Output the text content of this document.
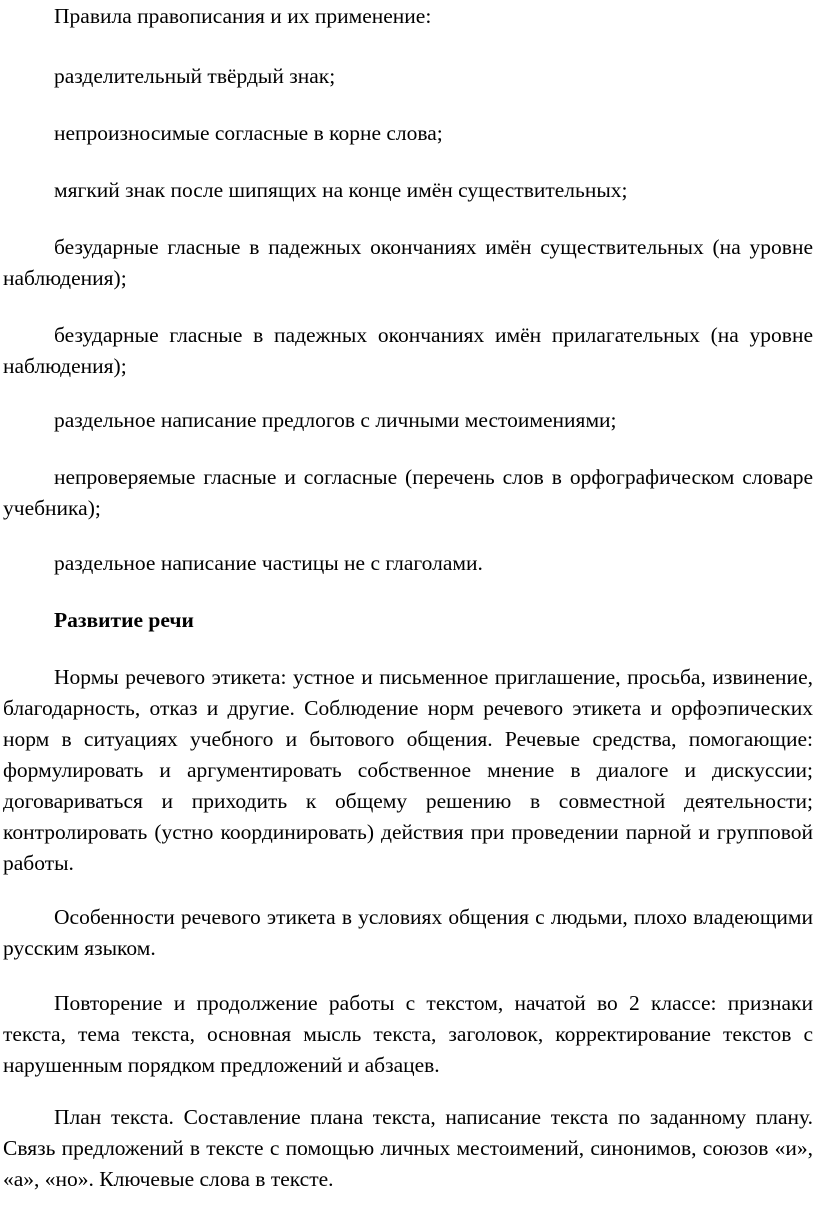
Правила правописания и их применение:

разделительный твёрдый знак;

непроизносимые согласные в корне слова;

мягкий знак после шипящих на конце имён существительных;

безударные гласные в падежных окончаниях имён существительных (на уровне наблюдения);

безударные гласные в падежных окончаниях имён прилагательных (на уровне наблюдения);

раздельное написание предлогов с личными местоимениями;

непроверяемые гласные и согласные (перечень слов в орфографическом словаре учебника);

раздельное написание частицы не с глаголами.

Развитие речи

Нормы речевого этикета: устное и письменное приглашение, просьба, извинение, благодарность, отказ и другие. Соблюдение норм речевого этикета и орфоэпических норм в ситуациях учебного и бытового общения. Речевые средства, помогающие: формулировать и аргументировать собственное мнение в диалоге и дискуссии; договариваться и приходить к общему решению в совместной деятельности; контролировать (устно координировать) действия при проведении парной и групповой работы.

Особенности речевого этикета в условиях общения с людьми, плохо владеющими русским языком.

Повторение и продолжение работы с текстом, начатой во 2 классе: признаки текста, тема текста, основная мысль текста, заголовок, корректирование текстов с нарушенным порядком предложений и абзацев.

План текста. Составление плана текста, написание текста по заданному плану. Связь предложений в тексте с помощью личных местоимений, синонимов, союзов «и», «а», «но». Ключевые слова в тексте.
